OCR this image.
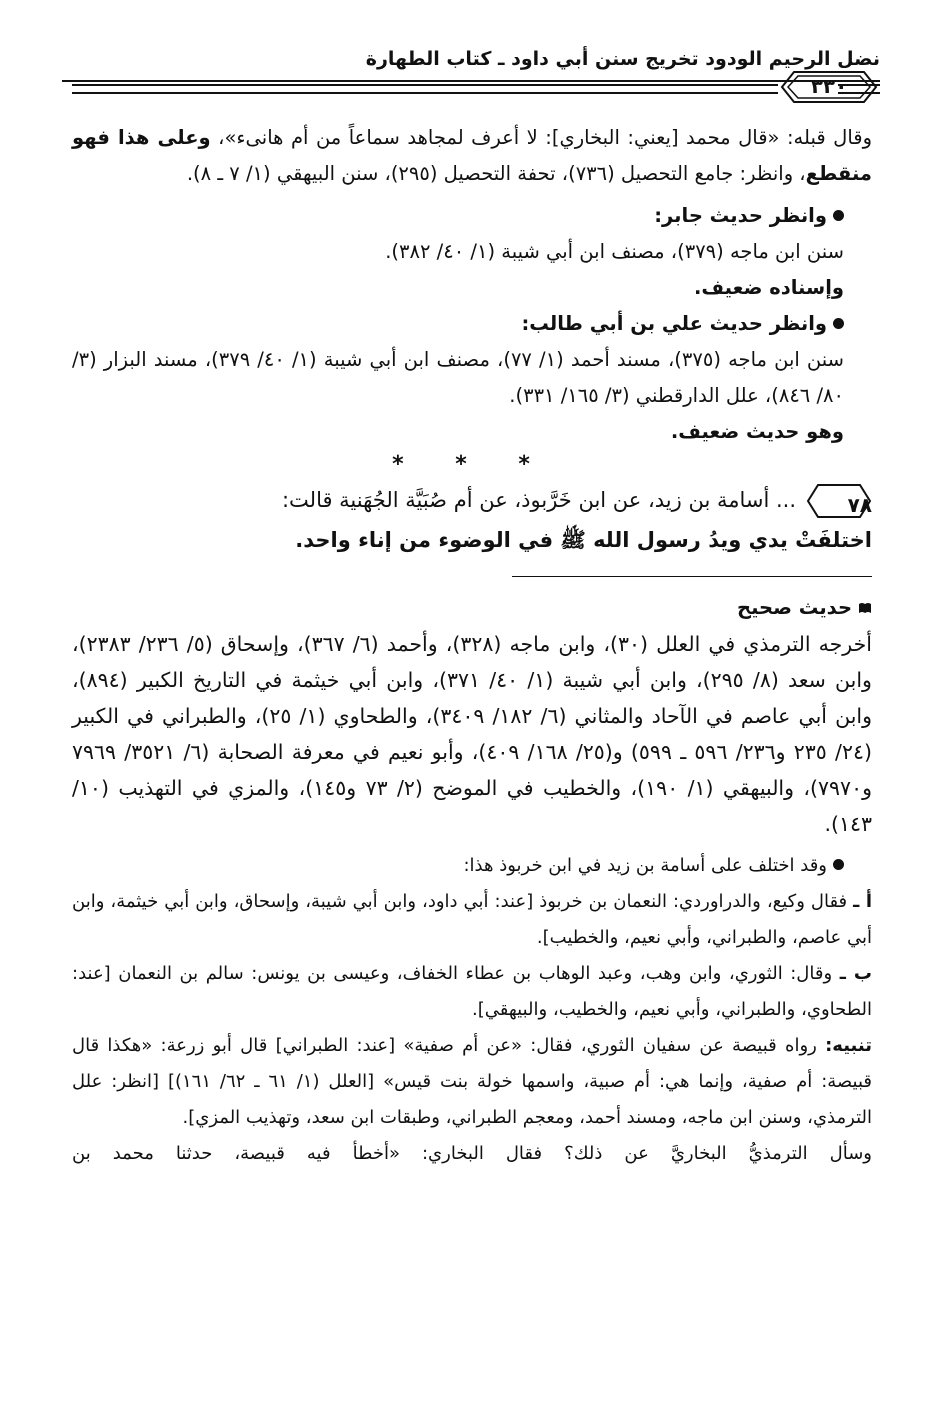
نضل الرحيم الودود تخريج سنن أبي داود ـ كتاب الطهارة
٣٣٠

وقال قبله: «قال محمد [يعني: البخاري]: لا أعرف لمجاهد سماعاً من أم هانىء»، وعلى هذا فهو منقطع، وانظر: جامع التحصيل (٧٣٦)، تحفة التحصيل (٢٩٥)، سنن البيهقي (١/ ٧ ـ ٨).

وانظر حديث جابر:

سنن ابن ماجه (٣٧٩)، مصنف ابن أبي شيبة (١/ ٤٠/ ٣٨٢).

وإسناده ضعيف.

وانظر حديث علي بن أبي طالب:

سنن ابن ماجه (٣٧٥)، مسند أحمد (١/ ٧٧)، مصنف ابن أبي شيبة (١/ ٤٠/ ٣٧٩)، مسند البزار (٣/ ٨٠/ ٨٤٦)، علل الدارقطني (٣/ ١٦٥/ ٣٣١).

وهو حديث ضعيف.

* * *

٧٨
... أسامة بن زيد، عن ابن خَرَّبوذ، عن أم صُبَيَّة الجُهَنية قالت:

اختلفَتْ يدي ويدُ رسول الله ﷺ في الوضوء من إناء واحد.

حديث صحيح

أخرجه الترمذي في العلل (٣٠)، وابن ماجه (٣٢٨)، وأحمد (٦/ ٣٦٧)، وإسحاق (٥/ ٢٣٦/ ٢٣٨٣)، وابن سعد (٨/ ٢٩٥)، وابن أبي شيبة (١/ ٤٠/ ٣٧١)، وابن أبي خيثمة في التاريخ الكبير (٨٩٤)، وابن أبي عاصم في الآحاد والمثاني (٦/ ١٨٢/ ٣٤٠٩)، والطحاوي (١/ ٢٥)، والطبراني في الكبير (٢٤/ ٢٣٥ و٢٣٦/ ٥٩٦ ـ ٥٩٩) و(٢٥/ ١٦٨/ ٤٠٩)، وأبو نعيم في معرفة الصحابة (٦/ ٣٥٢١/ ٧٩٦٩ و٧٩٧٠)، والبيهقي (١/ ١٩٠)، والخطيب في الموضح (٢/ ٧٣ و١٤٥)، والمزي في التهذيب (١٠/ ١٤٣).

وقد اختلف على أسامة بن زيد في ابن خربوذ هذا:

أ ـ فقال وكيع، والدراوردي: النعمان بن خربوذ [عند: أبي داود، وابن أبي شيبة، وإسحاق، وابن أبي خيثمة، وابن أبي عاصم، والطبراني، وأبي نعيم، والخطيب].

ب ـ وقال: الثوري، وابن وهب، وعبد الوهاب بن عطاء الخفاف، وعيسى بن يونس: سالم بن النعمان [عند: الطحاوي، والطبراني، وأبي نعيم، والخطيب، والبيهقي].

تنبيه: رواه قبيصة عن سفيان الثوري، فقال: «عن أم صفية» [عند: الطبراني] قال أبو زرعة: «هكذا قال قبيصة: أم صفية، وإنما هي: أم صبية، واسمها خولة بنت قيس» [العلل (١/ ٦١ ـ ٦٢/ ١٦١)] [انظر: علل الترمذي، وسنن ابن ماجه، ومسند أحمد، ومعجم الطبراني، وطبقات ابن سعد، وتهذيب المزي].

وسأل الترمذيُّ البخاريَّ عن ذلك؟ فقال البخاري: «أخطأ فيه قبيصة، حدثنا محمد بن
